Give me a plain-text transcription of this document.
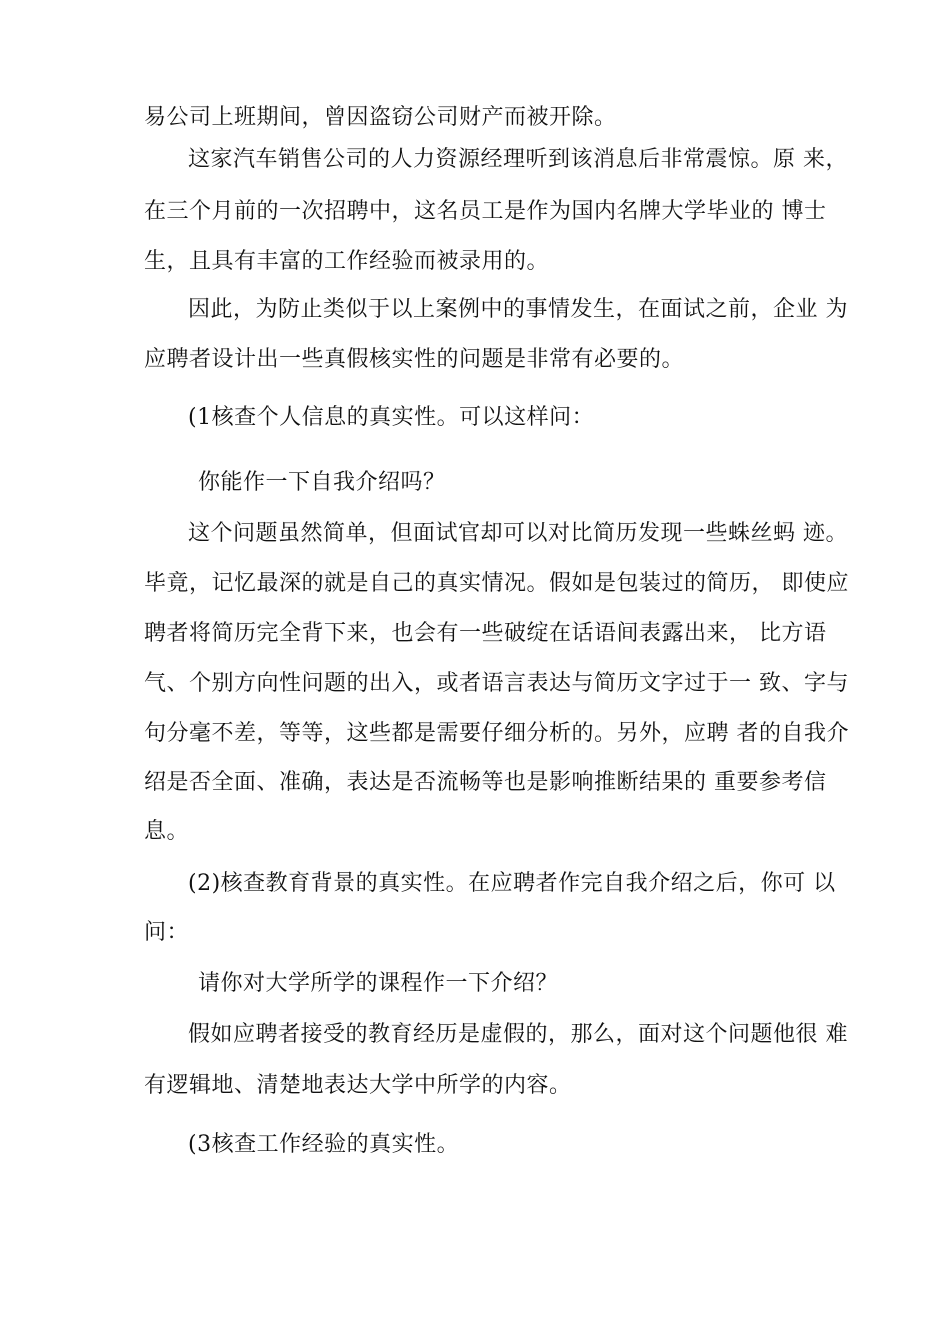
易公司上班期间，曾因盗窃公司财产而被开除。
这家汽车销售公司的人力资源经理听到该消息后非常震惊。原 来，
在三个月前的一次招聘中，这名员工是作为国内名牌大学毕业的 博士
生，且具有丰富的工作经验而被录用的。
因此，为防止类似于以上案例中的事情发生，在面试之前，企业 为
应聘者设计出一些真假核实性的问题是非常有必要的。
(1核查个人信息的真实性。可以这样问：
你能作一下自我介绍吗？
这个问题虽然简单，但面试官却可以对比简历发现一些蛛丝蚂 迹。
毕竟，记忆最深的就是自己的真实情况。假如是包装过的简历， 即使应
聘者将简历完全背下来，也会有一些破绽在话语间表露出来， 比方语
气、个别方向性问题的出入，或者语言表达与简历文字过于一 致、字与
句分毫不差，等等，这些都是需要仔细分析的。另外，应聘 者的自我介
绍是否全面、准确，表达是否流畅等也是影响推断结果的 重要参考信
息。
(2)核查教育背景的真实性。在应聘者作完自我介绍之后，你可 以
问：
请你对大学所学的课程作一下介绍？
假如应聘者接受的教育经历是虚假的，那么，面对这个问题他很 难
有逻辑地、清楚地表达大学中所学的内容。
(3核查工作经验的真实性。
